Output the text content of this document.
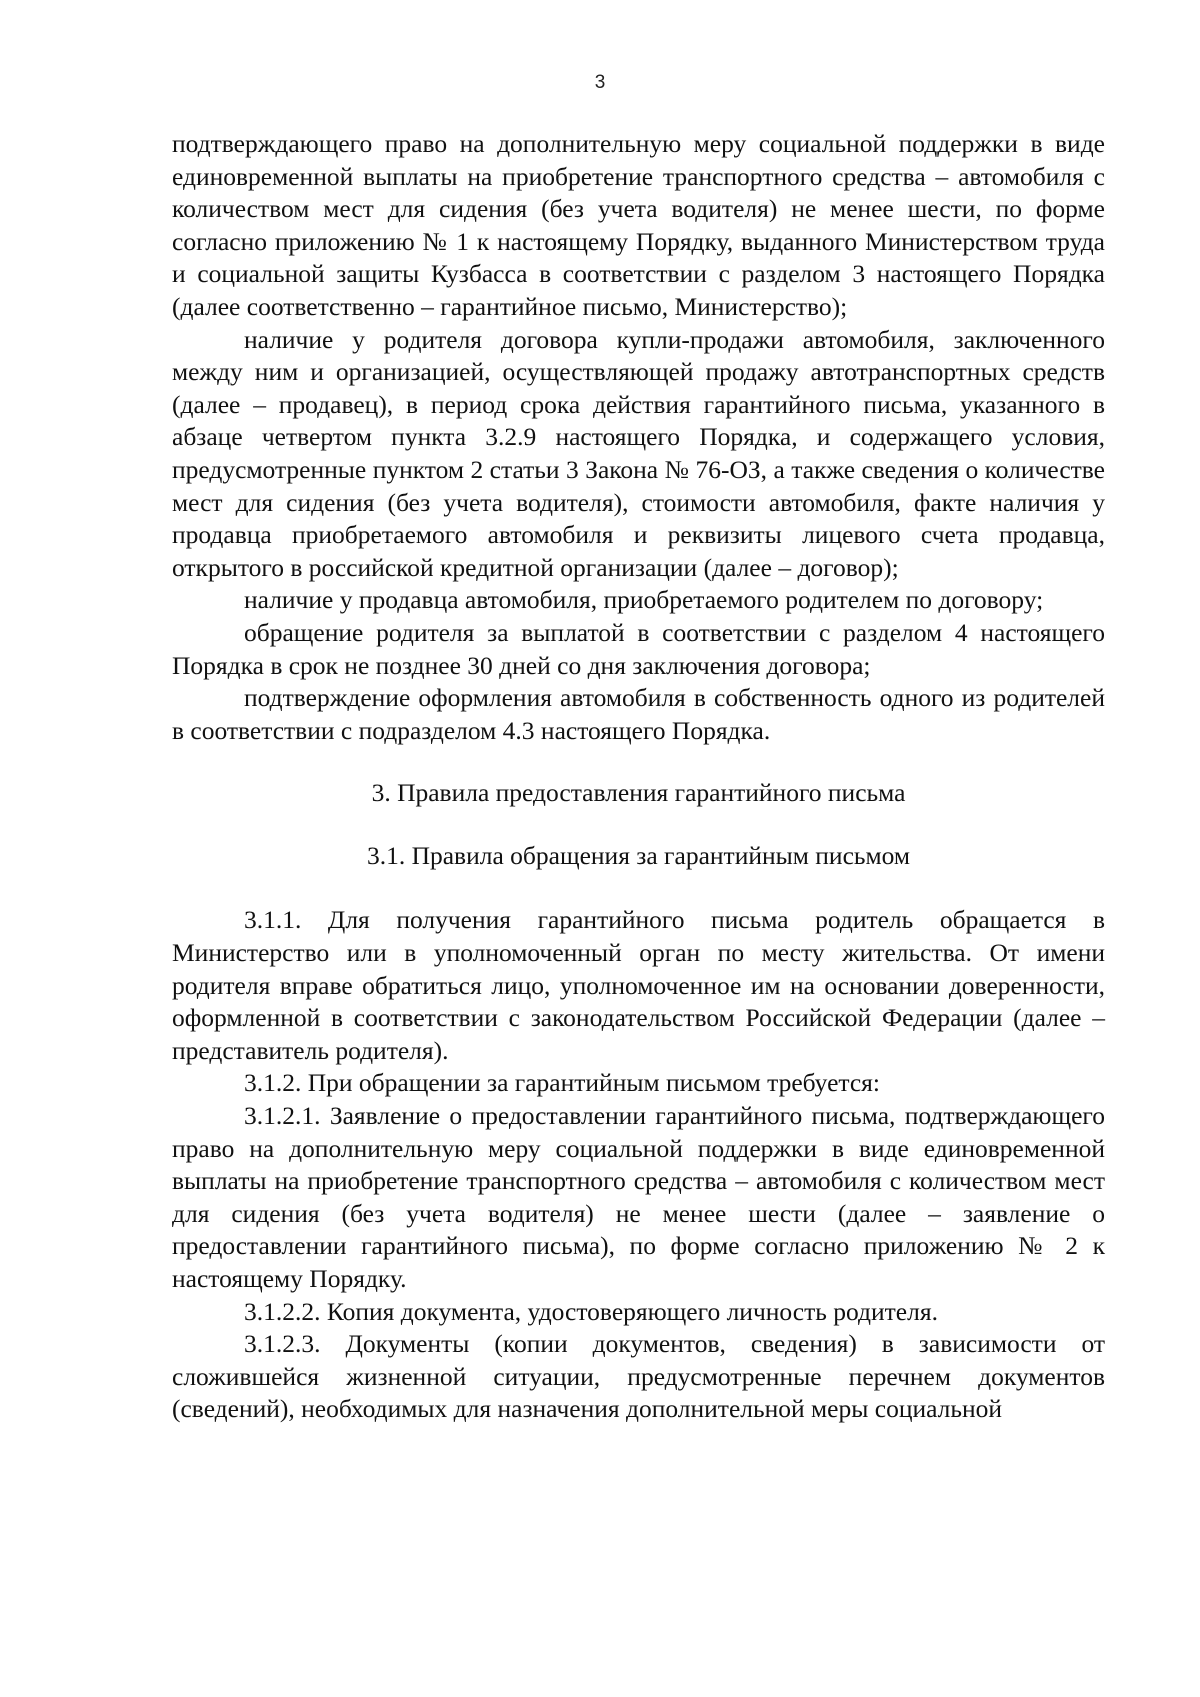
3

подтверждающего право на дополнительную меру социальной поддержки в виде единовременной выплаты на приобретение транспортного средства – автомобиля с количеством мест для сидения (без учета водителя) не менее шести, по форме согласно приложению № 1 к настоящему Порядку, выданного Министерством труда и социальной защиты Кузбасса в соответствии с разделом 3 настоящего Порядка (далее соответственно – гарантийное письмо, Министерство);

наличие у родителя договора купли-продажи автомобиля, заключенного между ним и организацией, осуществляющей продажу автотранспортных средств (далее – продавец), в период срока действия гарантийного письма, указанного в абзаце четвертом пункта 3.2.9 настоящего Порядка, и содержащего условия, предусмотренные пунктом 2 статьи 3 Закона № 76-ОЗ, а также сведения о количестве мест для сидения (без учета водителя), стоимости автомобиля, факте наличия у продавца приобретаемого автомобиля и реквизиты лицевого счета продавца, открытого в российской кредитной организации (далее – договор);

наличие у продавца автомобиля, приобретаемого родителем по договору;

обращение родителя за выплатой в соответствии с разделом 4 настоящего Порядка в срок не позднее 30 дней со дня заключения договора;

подтверждение оформления автомобиля в собственность одного из родителей в соответствии с подразделом 4.3 настоящего Порядка.

3. Правила предоставления гарантийного письма

3.1. Правила обращения за гарантийным письмом

3.1.1. Для получения гарантийного письма родитель обращается в Министерство или в уполномоченный орган по месту жительства. От имени родителя вправе обратиться лицо, уполномоченное им на основании доверенности, оформленной в соответствии с законодательством Российской Федерации (далее – представитель родителя).

3.1.2. При обращении за гарантийным письмом требуется:

3.1.2.1. Заявление о предоставлении гарантийного письма, подтверждающего право на дополнительную меру социальной поддержки в виде единовременной выплаты на приобретение транспортного средства – автомобиля с количеством мест для сидения (без учета водителя) не менее шести (далее – заявление о предоставлении гарантийного письма), по форме согласно приложению № 2 к настоящему Порядку.

3.1.2.2. Копия документа, удостоверяющего личность родителя.

3.1.2.3. Документы (копии документов, сведения) в зависимости от сложившейся жизненной ситуации, предусмотренные перечнем документов (сведений), необходимых для назначения дополнительной меры социальной
